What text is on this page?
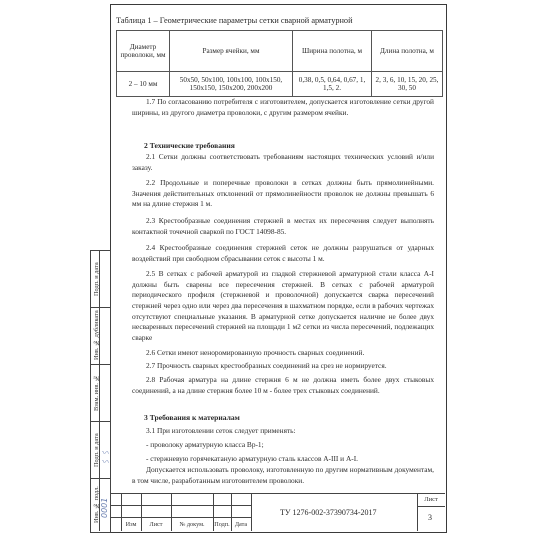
Таблица 1 – Геометрические параметры сетки сварной арматурной
Диаметр проволоки, мм	Размер ячейки, мм	Ширина полотна, м	Длина полотна, м
2 – 10 мм	50x50, 50x100, 100x100, 100x150, 150x150, 150x200, 200x200	0,38, 0,5, 0,64, 0,67, 1, 1,5, 2.	2, 3, 6, 10, 15, 20, 25, 30, 50
1.7 По согласованию потребителя с изготовителем, допускается изготовление сетки другой ширины, из другого диаметра проволоки, с другим размером ячейки.
2 Технические требования
2.1 Сетки должны соответствовать требованиям настоящих технических условий и/или заказу.
2.2 Продольные и поперечные проволоки в сетках должны быть прямолинейными. Значения действительных отклонений от прямолинейности проволок не должны превышать 6 мм на длине стержня 1 м.
2.3 Крестообразные соединения стержней в местах их пересечения следует выполнять контактной точечной сваркой по ГОСТ 14098-85.
2.4 Крестообразные соединения стержней сеток не должны разрушаться от ударных воздействий при свободном сбрасывании сеток с высоты 1 м.
2.5 В сетках с рабочей арматурой из гладкой стержневой арматурной стали класса А-I должны быть сварены все пересечения стержней. В сетках с рабочей арматурой периодического профиля (стержневой и проволочной) допускается сварка пересечений стержней через одно или через два пересечения в шахматном порядке, если в рабочих чертежах отсутствуют специальные указания. В арматурной сетке допускается наличие не более двух несваренных пересечений стержней на площади 1 м2 сетки из числа пересечений, подлежащих сварке
2.6 Сетки имеют неноромированную прочность сварных соединений.
2.7 Прочность сварных крестообразных соединений на срез не нормируется.
2.8 Рабочая арматура на длине стержня 6 м не должна иметь более двух стыковых соединений, а на длине стержня более 10 м - более трех стыковых соединений.
3 Требования к материалам
3.1 При изготовлении сеток следует применять:
- проволоку арматурную класса Вр-1;
- стержневую горячекатаную арматурную сталь классов А-III и А-I.
Допускается использовать проволоку, изготовленную по другим нормативным документам, в том числе, разработанным изготовителем проволоки.
Изм	Лист	№ докум.	Подп. Дата
ТУ 1276-002-37390734-2017
Лист
3
Подп. и дата
Инв. № дубликата
Взам. инв. №
Подп. и дата
Инв. № подл.
〰〰
0001
